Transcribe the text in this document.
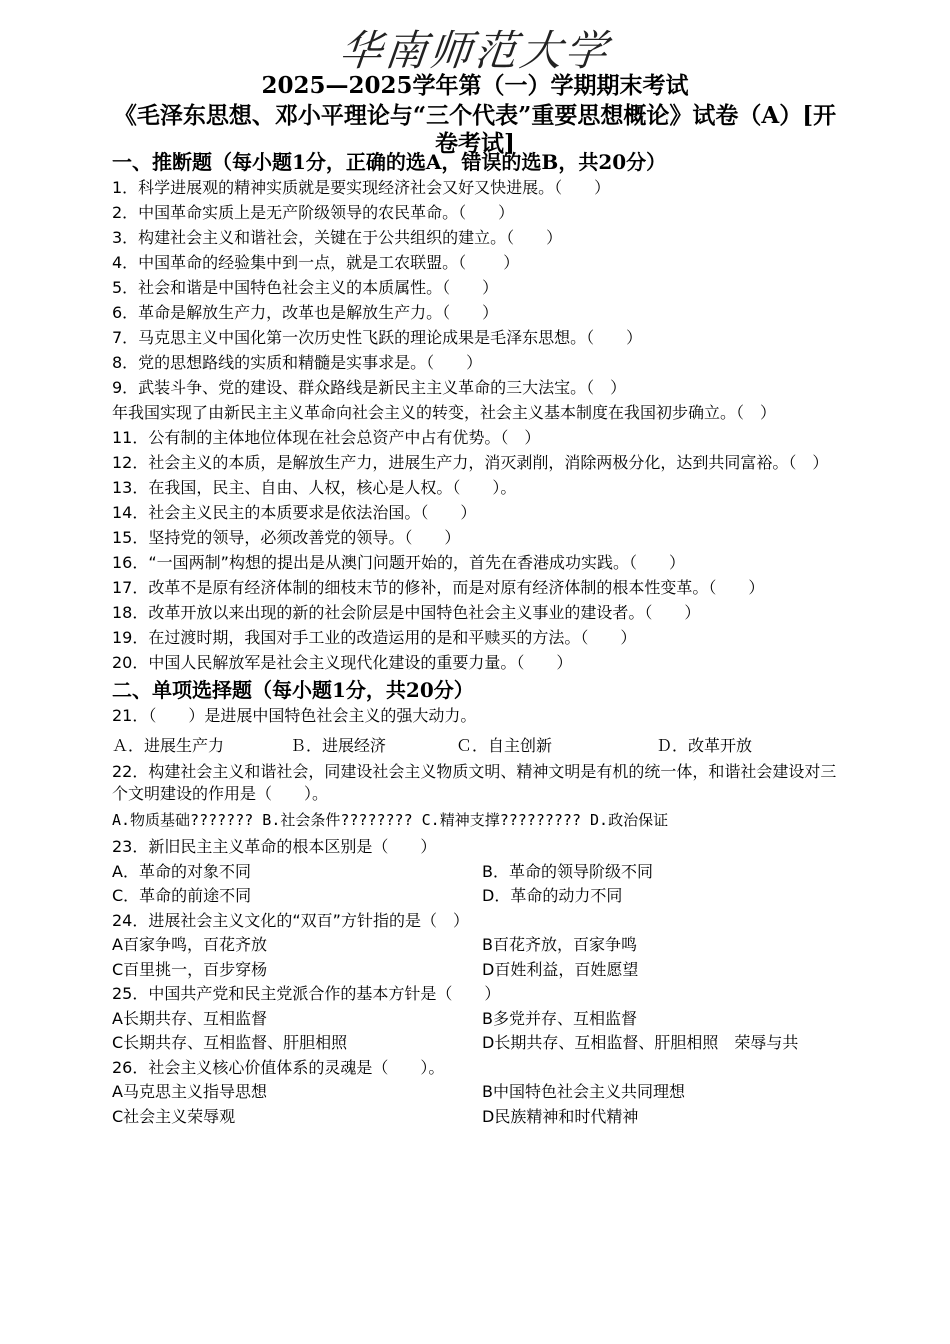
华南师范大学
2025—2025学年第（一）学期期末考试
《毛泽东思想、邓小平理论与“三个代表”重要思想概论》试卷（A）[开卷考试]
一、推断题（每小题1分，正确的选A，错误的选B，共20分）
1．科学进展观的精神实质就是要实现经济社会又好又快进展。（　　）
2．中国革命实质上是无产阶级领导的农民革命。（　　）
3．构建社会主义和谐社会，关键在于公共组织的建立。（　　）
4．中国革命的经验集中到一点，就是工农联盟。（　　 ）
5．社会和谐是中国特色社会主义的本质属性。（　　）
6．革命是解放生产力，改革也是解放生产力。（　　）
7．马克思主义中国化第一次历史性飞跃的理论成果是毛泽东思想。（　　）
8．党的思想路线的实质和精髓是实事求是。（　　）
9．武装斗争、党的建设、群众路线是新民主主义革命的三大法宝。（　）
年我国实现了由新民主主义革命向社会主义的转变，社会主义基本制度在我国初步确立。（　）
11．公有制的主体地位体现在社会总资产中占有优势。（　）
12．社会主义的本质，是解放生产力，进展生产力，消灭剥削，消除两极分化，达到共同富裕。（　）
13．在我国，民主、自由、人权，核心是人权。（　　）。
14．社会主义民主的本质要求是依法治国。（　　）
15．坚持党的领导，必须改善党的领导。（　　）
16．“一国两制”构想的提出是从澳门问题开始的，首先在香港成功实践。（　　）
17．改革不是原有经济体制的细枝末节的修补，而是对原有经济体制的根本性变革。（　　）
18．改革开放以来出现的新的社会阶层是中国特色社会主义事业的建设者。（　　）
19．在过渡时期，我国对手工业的改造运用的是和平赎买的方法。（　　）
20．中国人民解放军是社会主义现代化建设的重要力量。（　　）
二、单项选择题（每小题1分，共20分）
21．（　　）是进展中国特色社会主义的强大动力。
Ａ．进展生产力	Ｂ．进展经济	Ｃ．自主创新	Ｄ．改革开放
22．构建社会主义和谐社会，同建设社会主义物质文明、精神文明是有机的统一体，和谐社会建设对三个文明建设的作用是（　　）。
A.物质基础??????? B.社会条件???????? C.精神支撑????????? D.政治保证
23．新旧民主主义革命的根本区别是（　　）
A．革命的对象不同	B．革命的领导阶级不同
C．革命的前途不同	D．革命的动力不同
24．进展社会主义文化的“双百”方针指的是（　）
A百家争鸣，百花齐放	B百花齐放，百家争鸣
C百里挑一，百步穿杨	D百姓利益，百姓愿望
25．中国共产党和民主党派合作的基本方针是（　　）
A长期共存、互相监督	B多党并存、互相监督
C长期共存、互相监督、肝胆相照	D长期共存、互相监督、肝胆相照　荣辱与共
26．社会主义核心价值体系的灵魂是（　　）。
A马克思主义指导思想	B中国特色社会主义共同理想
C社会主义荣辱观	D民族精神和时代精神
